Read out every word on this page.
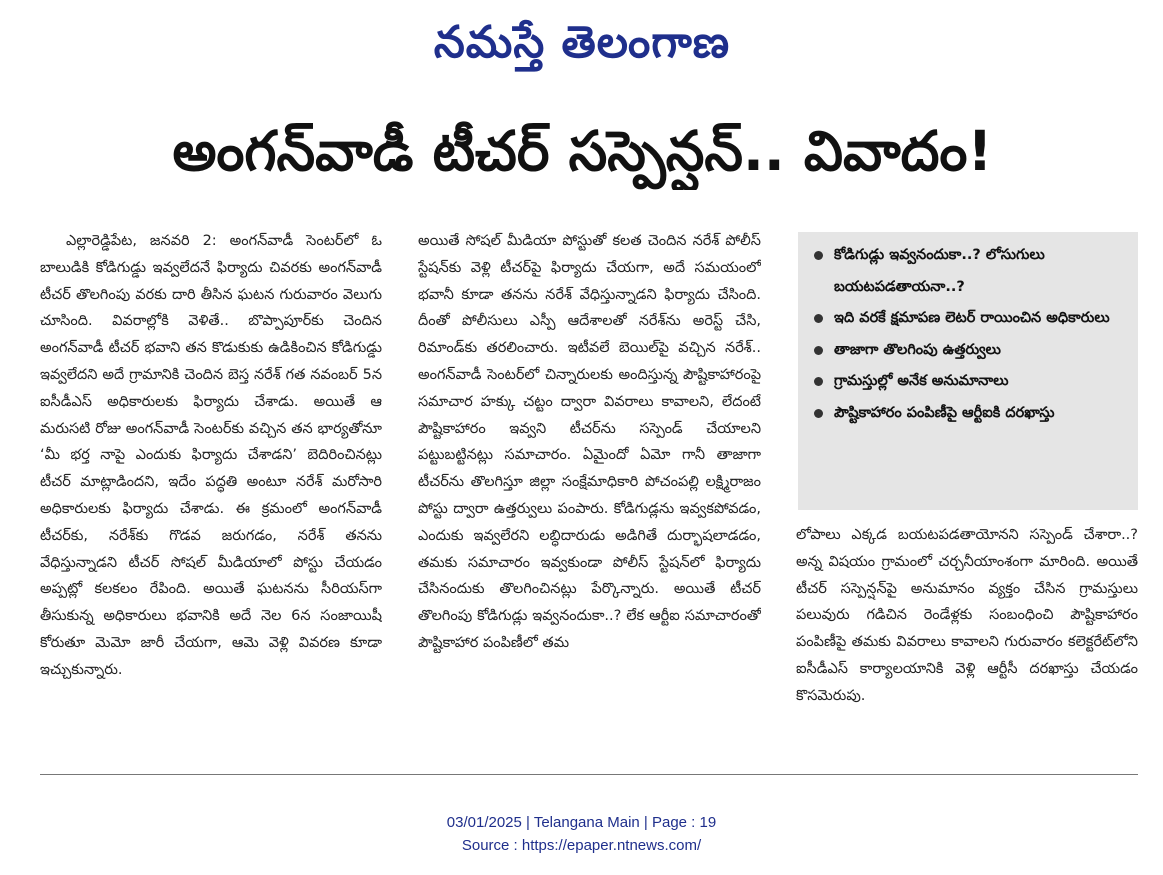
నమస్తే తెలంగాణ
అంగన్‌వాడీ టీచర్ సస్పెన్షన్.. వివాదం!

ఎల్లారెడ్డిపేట, జనవరి 2: అంగన్‌వాడీ సెంటర్‌లో ఓ బాలుడికి కోడిగుడ్డు ఇవ్వలేదనే ఫిర్యాదు చివరకు అంగన్‌వాడీ టీచర్ తొలగింపు వరకు దారి తీసిన ఘటన గురువారం వెలుగు చూసింది. వివరాల్లోకి వెళితే.. బొప్పాపూర్‌కు చెందిన అంగన్‌వాడీ టీచర్ భవాని తన కొడుకుకు ఉడికించిన కోడిగుడ్డు ఇవ్వలేదని అదే గ్రామానికి చెందిన బెస్త నరేశ్ గత నవంబర్ 5న ఐసీడీఎస్ అధికారులకు ఫిర్యాదు చేశాడు. అయితే ఆ మరుసటి రోజు అంగన్‌వాడీ సెంటర్‌కు వచ్చిన తన భార్యతోనూ ‘మీ భర్త నాపై ఎందుకు ఫిర్యాదు చేశాడని’ బెదిరించినట్లు టీచర్ మాట్లాడిందని, ఇదేం పద్ధతి అంటూ నరేశ్ మరోసారి అధికారులకు ఫిర్యాదు చేశాడు. ఈ క్రమంలో అంగన్‌వాడీ టీచర్‌కు, నరేశ్‌కు గొడవ జరుగడం, నరేశ్ తనను వేధిస్తున్నాడని టీచర్ సోషల్ మీడియాలో పోస్టు చేయడం అప్పట్లో కలకలం రేపింది. అయితే ఘటనను సీరియస్‌గా తీసుకున్న అధికారులు భవానికి అదే నెల 6న సంజాయిషీ కోరుతూ మెమో జారీ చేయగా, ఆమె వెళ్లి వివరణ కూడా ఇచ్చుకున్నారు.

అయితే సోషల్ మీడియా పోస్టుతో కలత చెందిన నరేశ్ పోలీస్ స్టేషన్‌కు వెళ్లి టీచర్‌పై ఫిర్యాదు చేయగా, అదే సమయంలో భవానీ కూడా తనను నరేశ్ వేధిస్తున్నాడని ఫిర్యాదు చేసింది. దీంతో పోలీసులు ఎస్పీ ఆదేశాలతో నరేశ్‌ను అరెస్ట్ చేసి, రిమాండ్‌కు తరలించారు. ఇటీవలే బెయిల్‌పై వచ్చిన నరేశ్.. అంగన్‌వాడీ సెంటర్‌లో చిన్నారులకు అందిస్తున్న పౌష్టికాహారంపై సమాచార హక్కు చట్టం ద్వారా వివరాలు కావాలని, లేదంటే పౌష్టికాహారం ఇవ్వని టీచర్‌ను సస్పెండ్ చేయాలని పట్టుబట్టినట్లు సమాచారం. ఏమైందో ఏమో గానీ తాజాగా టీచర్‌ను తొలగిస్తూ జిల్లా సంక్షేమాధికారి పోచంపల్లి లక్ష్మిరాజం పోస్టు ద్వారా ఉత్తర్వులు పంపారు. కోడిగుడ్లను ఇవ్వకపోవడం, ఎందుకు ఇవ్వలేరని లబ్ధిదారుడు అడిగితే దుర్భాషలాడడం, తమకు సమాచారం ఇవ్వకుండా పోలీస్ స్టేషన్‌లో ఫిర్యాదు చేసినందుకు తొలగించినట్లు పేర్కొన్నారు. అయితే టీచర్ తొలగింపు కోడిగుడ్లు ఇవ్వనందుకా..? లేక ఆర్టీఐ సమాచారంతో పౌష్టికాహార పంపిణీలో తమ

కోడిగుడ్లు ఇవ్వనందుకా..? లోసుగులు బయటపడతాయనా..?
ఇది వరకే క్షమాపణ లెటర్ రాయించిన అధికారులు
తాజాగా తొలగింపు ఉత్తర్వులు
గ్రామస్తుల్లో అనేక అనుమానాలు
పౌష్టికాహారం పంపిణీపై ఆర్టీఐకి దరఖాస్తు

లోపాలు ఎక్కడ బయటపడతాయోనని సస్పెండ్ చేశారా..? అన్న విషయం గ్రామంలో చర్చనీయాంశంగా మారింది. అయితే టీచర్ సస్పెన్షన్‌పై అనుమానం వ్యక్తం చేసిన గ్రామస్తులు పలువురు గడిచిన రెండేళ్లకు సంబంధించి పౌష్టికాహారం పంపిణీపై తమకు వివరాలు కావాలని గురువారం కలెక్టరేట్‌లోని ఐసీడీఎస్ కార్యాలయానికి వెళ్లి ఆర్టీసీ దరఖాస్తు చేయడం కొసమెరుపు.

03/01/2025 | Telangana Main | Page : 19
Source : https://epaper.ntnews.com/
